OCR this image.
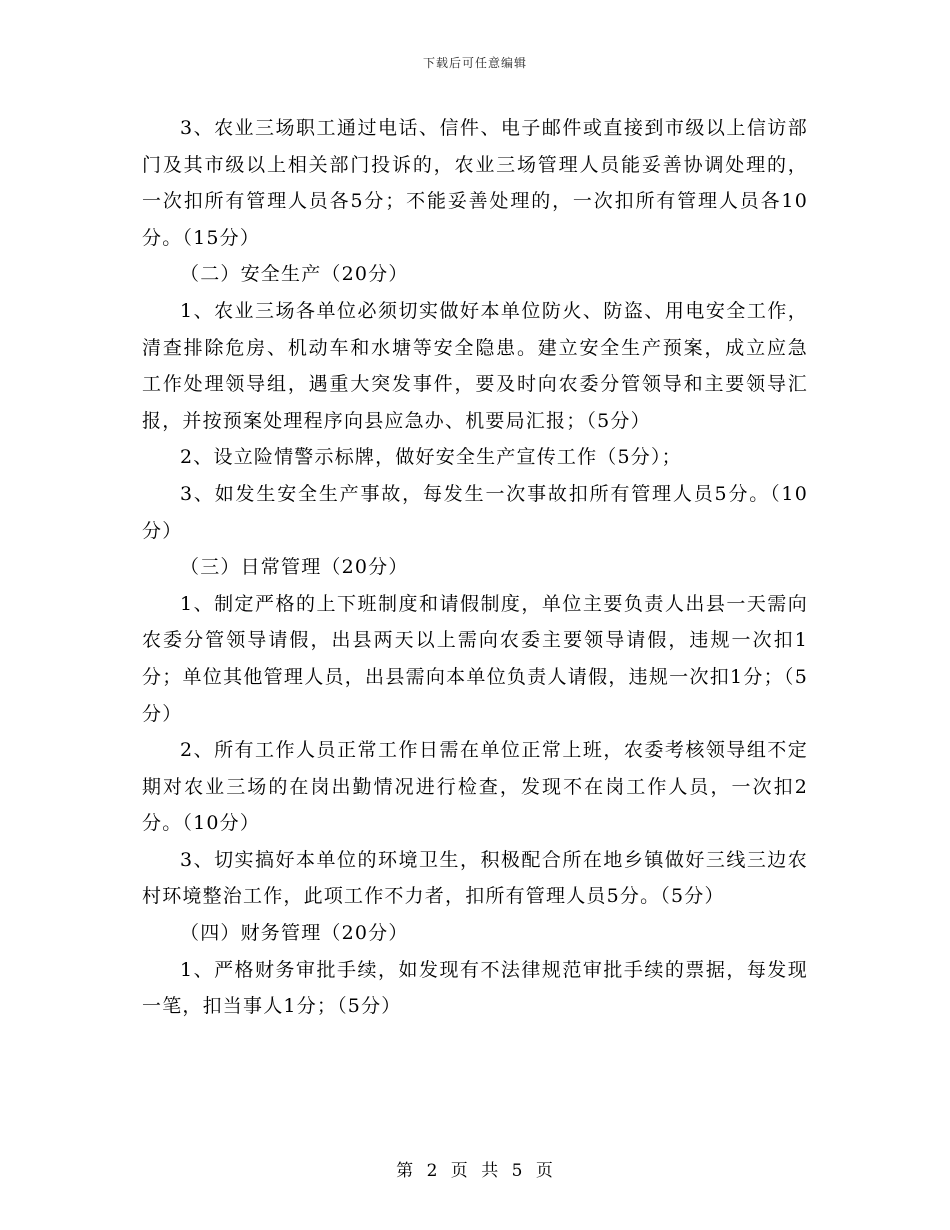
下载后可任意编辑

3、农业三场职工通过电话、信件、电子邮件或直接到市级以上信访部门及其市级以上相关部门投诉的，农业三场管理人员能妥善协调处理的，一次扣所有管理人员各5分；不能妥善处理的，一次扣所有管理人员各10分。（15分）

（二）安全生产（20分）

1、农业三场各单位必须切实做好本单位防火、防盗、用电安全工作，清查排除危房、机动车和水塘等安全隐患。建立安全生产预案，成立应急工作处理领导组，遇重大突发事件，要及时向农委分管领导和主要领导汇报，并按预案处理程序向县应急办、机要局汇报；（5分）

2、设立险情警示标牌，做好安全生产宣传工作（5分）；

3、如发生安全生产事故，每发生一次事故扣所有管理人员5分。（10分）

（三）日常管理（20分）

1、制定严格的上下班制度和请假制度，单位主要负责人出县一天需向农委分管领导请假，出县两天以上需向农委主要领导请假，违规一次扣1分；单位其他管理人员，出县需向本单位负责人请假，违规一次扣1分；（5分）

2、所有工作人员正常工作日需在单位正常上班，农委考核领导组不定期对农业三场的在岗出勤情况进行检查，发现不在岗工作人员，一次扣2分。（10分）

3、切实搞好本单位的环境卫生，积极配合所在地乡镇做好三线三边农村环境整治工作，此项工作不力者，扣所有管理人员5分。（5分）

（四）财务管理（20分）

1、严格财务审批手续，如发现有不法律规范审批手续的票据，每发现一笔，扣当事人1分；（5分）

第 2 页 共 5 页
